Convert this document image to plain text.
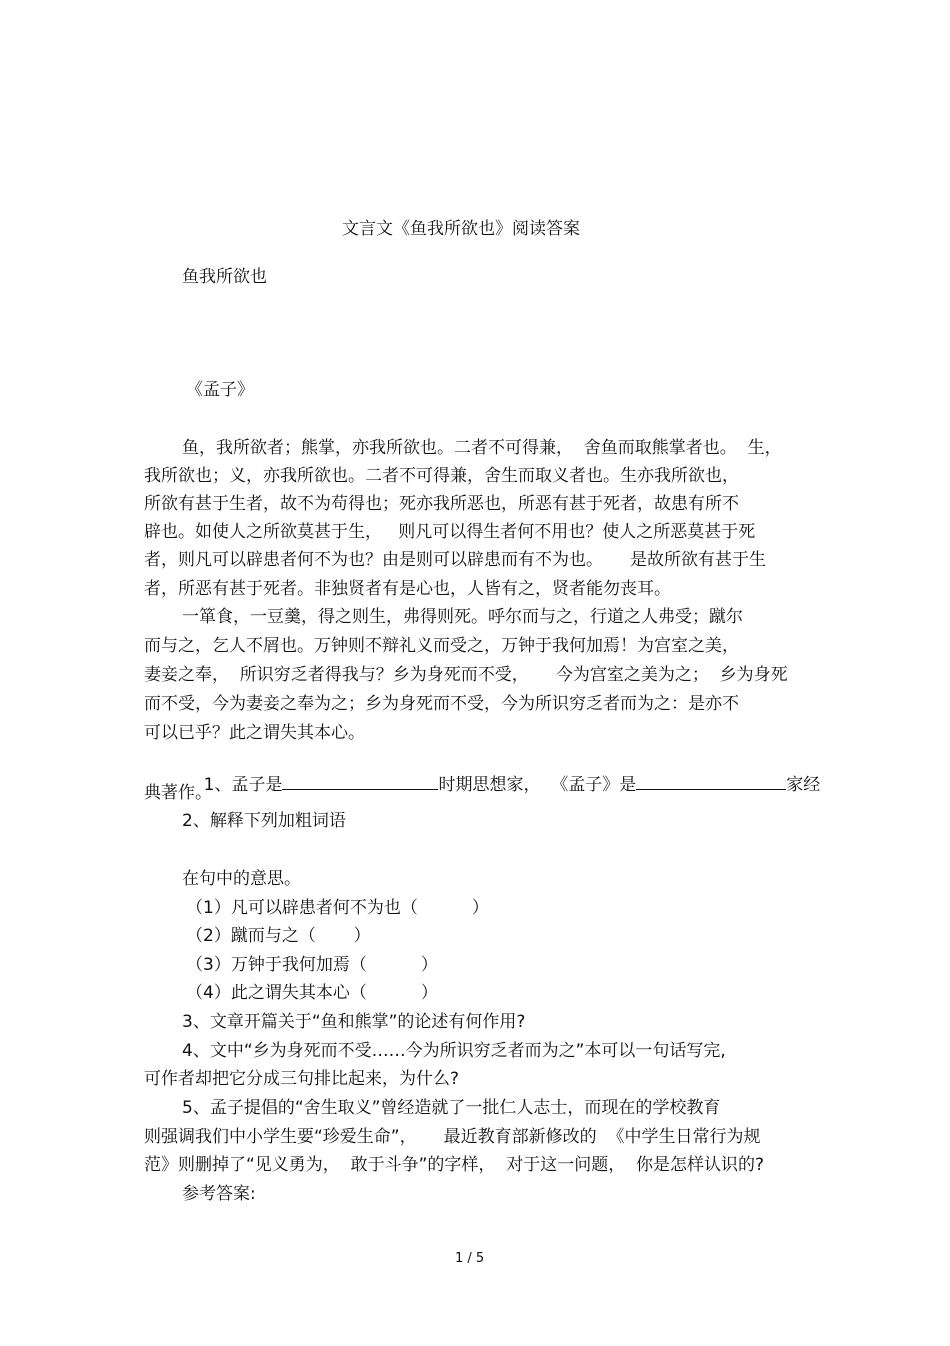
文言文《鱼我所欲也》阅读答案
鱼我所欲也
《孟子》
鱼，我所欲者；熊掌，亦我所欲也。二者不可得兼，  舍鱼而取熊掌者也。  生，
我所欲也；义，亦我所欲也。二者不可得兼，舍生而取义者也。生亦我所欲也，
所欲有甚于生者，故不为苟得也；死亦我所恶也，所恶有甚于死者，故患有所不
辟也。如使人之所欲莫甚于生，   则凡可以得生者何不用也？使人之所恶莫甚于死
者，则凡可以辟患者何不为也？由是则可以辟患而有不为也。     是故所欲有甚于生
者，所恶有甚于死者。非独贤者有是心也，人皆有之，贤者能勿丧耳。
一箪食，一豆羹，得之则生，弗得则死。呼尔而与之，行道之人弗受；蹴尔
而与之，乞人不屑也。万钟则不辩礼义而受之，万钟于我何加焉！为宫室之美，
妻妾之奉，  所识穷乏者得我与？乡为身死而不受，     今为宫室之美为之；  乡为身死
而不受，今为妻妾之奉为之；乡为身死而不受，今为所识穷乏者而为之：是亦不
可以已乎？此之谓失其本心。

1、孟子是	时期思想家，  《孟子》是	家经

典著作。
2、解释下列加粗词语
在句中的意思。
（1）凡可以辟患者何不为也（          ）
（2）蹴而与之（       ）
（3）万钟于我何加焉（          ）
（4）此之谓失其本心（          ）
3、文章开篇关于“鱼和熊掌”的论述有何作用?
4、文中“乡为身死而不受……今为所识穷乏者而为之”本可以一句话写完,
可作者却把它分成三句排比起来，为什么?
5、孟子提倡的“舍生取义”曾经造就了一批仁人志士，而现在的学校教育
则强调我们中小学生要“珍爱生命”，     最近教育部新修改的  《中学生日常行为规
范》则删掉了“见义勇为，  敢于斗争”的字样，  对于这一问题，  你是怎样认识的?
参考答案:
1 / 5
